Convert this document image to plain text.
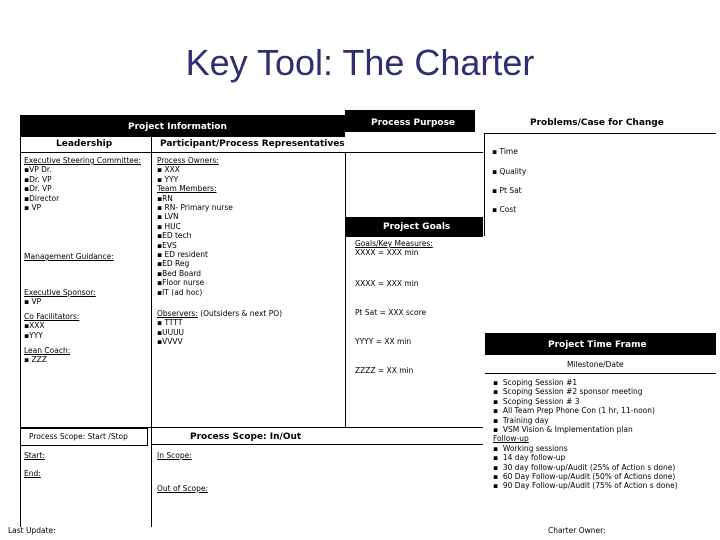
Key Tool: The Charter
Project Information
Leadership	Participant/Process Representatives
Process Purpose	Problems/Case for Change
▪ Time
▪ Quality
▪ Pt Sat
▪ Cost
Executive Steering Committee:
▪VP Dr.
▪Dr. VP
▪Dr. VP
▪Director
▪ VP
Management Guidance:
Executive Sponsor:
▪ VP
Co Facilitators:
▪XXX
▪YYY
Lean Coach:
▪ ZZZ
Process Owners:
▪ XXX
▪ YYY
Team Members:
▪RN
▪ RN- Primary nurse
▪ LVN
▪ HUC
▪ED tech
▪EVS
▪ ED resident
▪ED Reg
▪Bed Board
▪Floor nurse
▪IT (ad hoc)
Observers: (Outsiders & next PO)
▪ TTTT
▪UUUU
▪VVVV
Project Goals
Goals/Key Measures:
XXXX = XXX min
XXXX = XXX min
Pt Sat = XXX score
YYYY = XX min
ZZZZ = XX min
Project Time Frame
Milestone/Date
▪  Scoping Session #1
▪  Scoping Session #2 sponsor meeting
▪  Scoping Session # 3
▪  All Team Prep Phone Con (1 hr, 11-noon)
▪  Training day
▪  VSM Vision & Implementation plan
Follow-up
▪  Working sessions
▪  14 day follow-up
▪  30 day follow-up/Audit (25% of Action s done)
▪  60 Day Follow-up/Audit (50% of Actions done)
▪  90 Day Follow-up/Audit (75% of Action s done)
Process Scope: Start /Stop
Start:
End:
Process Scope: In/Out
In Scope:
Out of Scope:
Last Update:	Charter Owner:
